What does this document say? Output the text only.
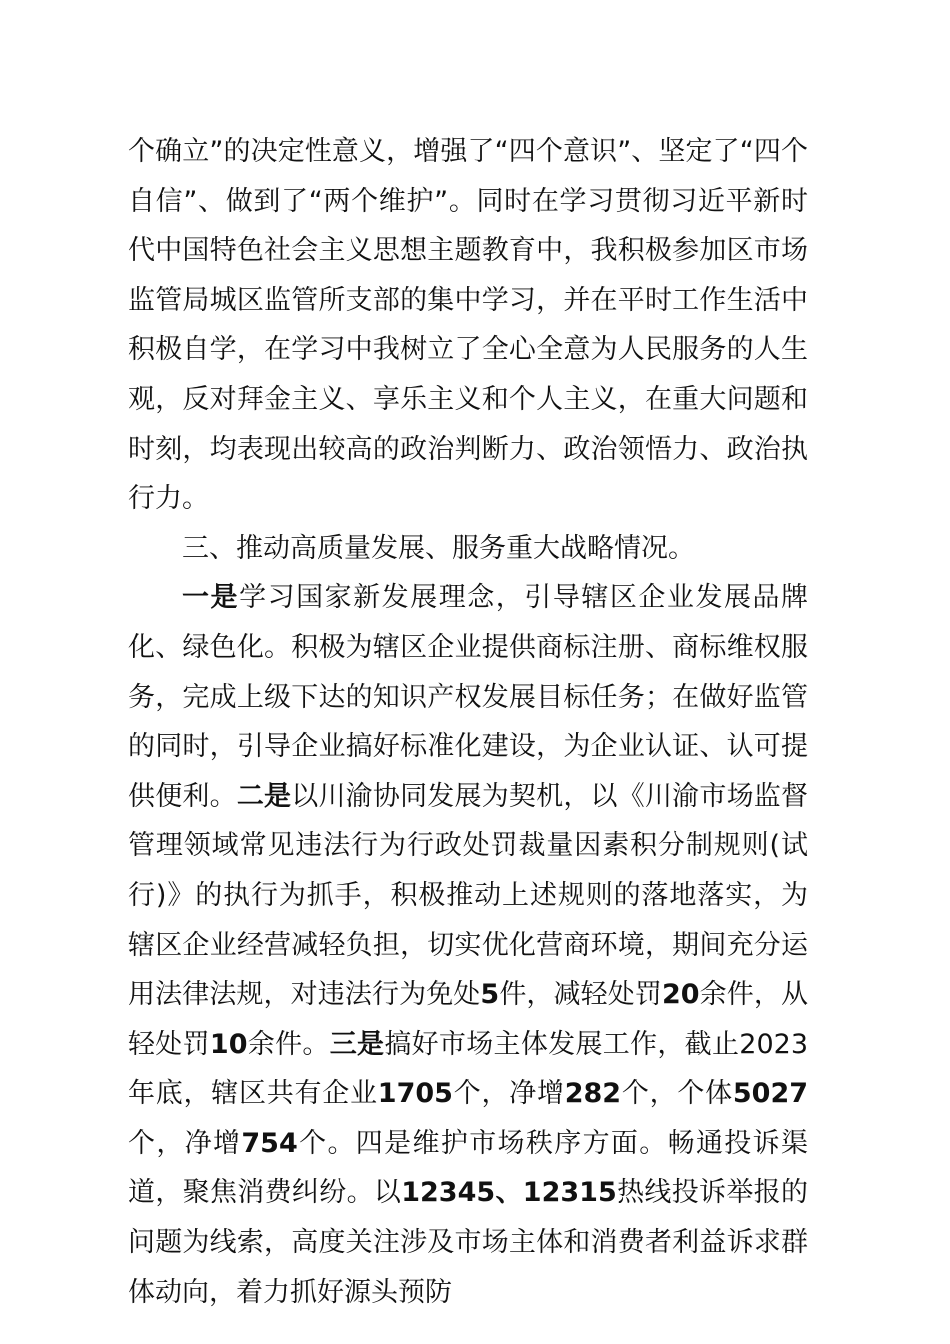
个确立”的决定性意义，增强了“四个意识”、坚定了“四个自信”、做到了“两个维护”。同时在学习贯彻习近平新时代中国特色社会主义思想主题教育中，我积极参加区市场监管局城区监管所支部的集中学习，并在平时工作生活中积极自学，在学习中我树立了全心全意为人民服务的人生观，反对拜金主义、享乐主义和个人主义，在重大问题和时刻，均表现出较高的政治判断力、政治领悟力、政治执行力。

三、推动高质量发展、服务重大战略情况。

一是学习国家新发展理念，引导辖区企业发展品牌化、绿色化。积极为辖区企业提供商标注册、商标维权服务，完成上级下达的知识产权发展目标任务；在做好监管的同时，引导企业搞好标准化建设，为企业认证、认可提供便利。二是以川渝协同发展为契机，以《川渝市场监督管理领域常见违法行为行政处罚裁量因素积分制规则(试行)》的执行为抓手，积极推动上述规则的落地落实，为辖区企业经营减轻负担，切实优化营商环境，期间充分运用法律法规，对违法行为免处5件，减轻处罚20余件，从轻处罚10余件。三是搞好市场主体发展工作，截止2023年底，辖区共有企业1705个，净增282个，个体5027个，净增754个。四是维护市场秩序方面。畅通投诉渠道，聚焦消费纠纷。以12345、12315热线投诉举报的问题为线索，高度关注涉及市场主体和消费者利益诉求群体动向，着力抓好源头预防
